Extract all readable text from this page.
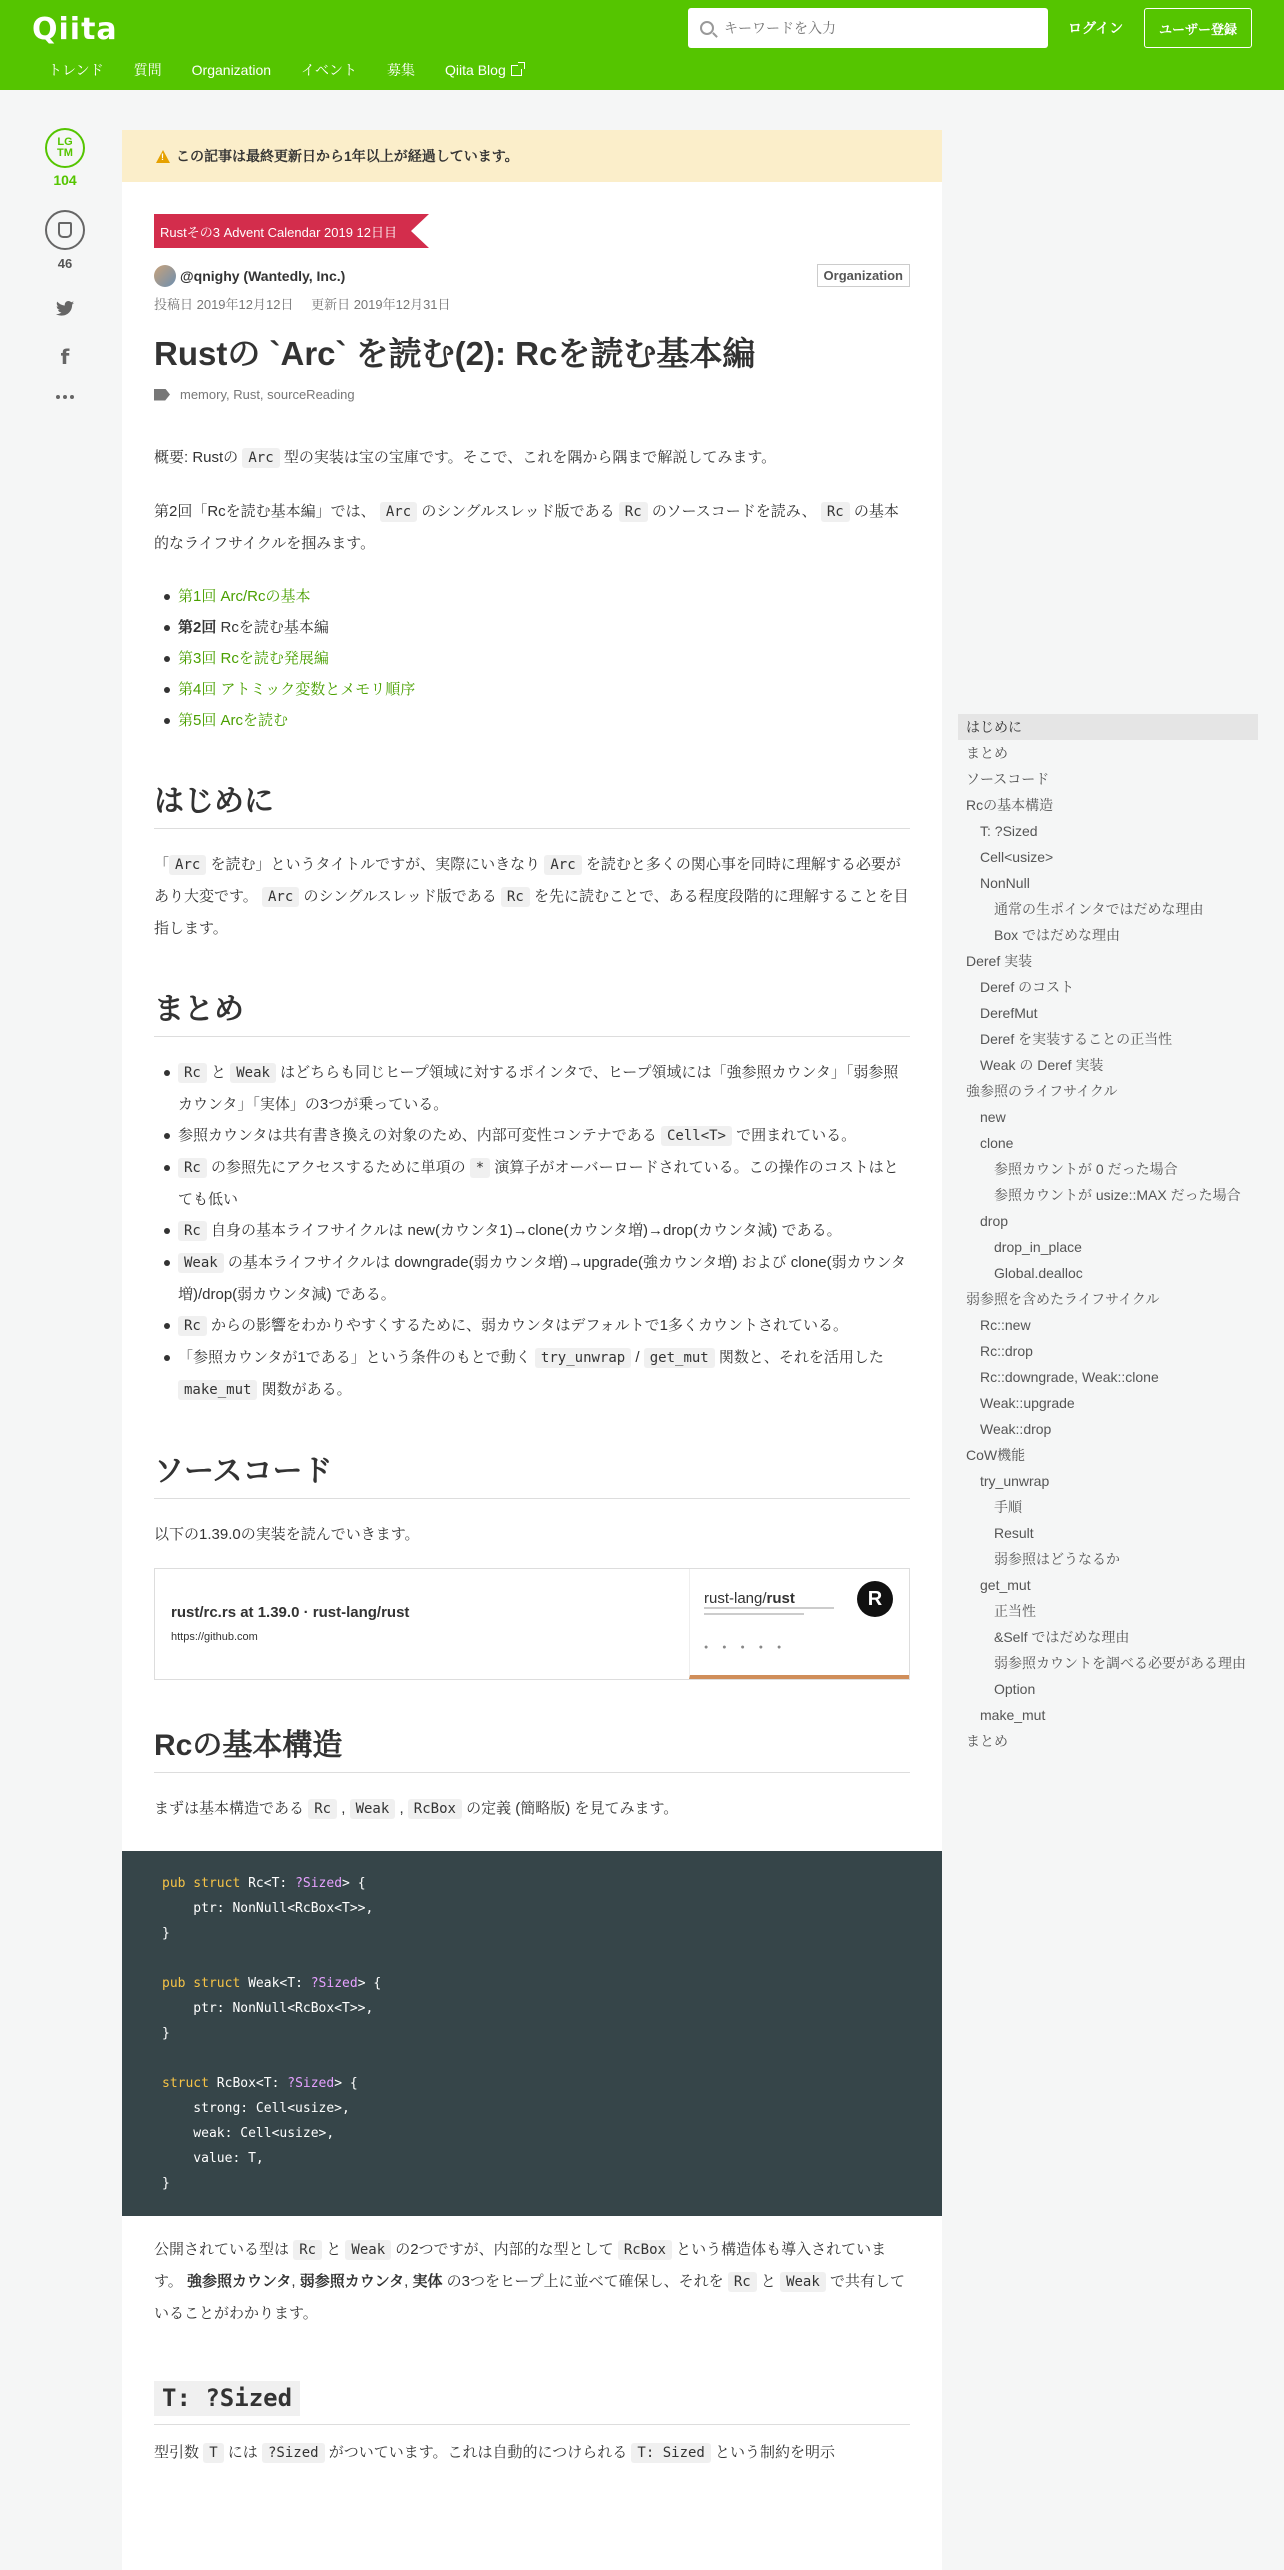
Qiita
キーワードを入力	ログイン	ユーザー登録
トレンド 質問 Organization イベント 募集 Qiita Blog
LG
TM
104
46
f
!
この記事は最終更新日から1年以上が経過しています。
Rustその3 Advent Calendar 2019 12日目
@qnighy (Wantedly, Inc.)	Organization
投稿日 2019年12月12日 更新日 2019年12月31日
Rustの `Arc` を読む(2): Rcを読む基本編
memory, Rust, sourceReading

概要: Rustの Arc 型の実装は宝の宝庫です。そこで、これを隅から隅まで解説してみます。

第2回「Rcを読む基本編」では、 Arc のシングルスレッド版である Rc のソースコードを読み、 Rc の基本的なライフサイクルを掴みます。

第1回 Arc/Rcの基本
第2回 Rcを読む基本編
第3回 Rcを読む発展編
第4回 アトミック変数とメモリ順序
第5回 Arcを読む
はじめに

「 Arc を読む」というタイトルですが、実際にいきなり Arc を読むと多くの関心事を同時に理解する必要があり大変です。 Arc のシングルスレッド版である Rc を先に読むことで、ある程度段階的に理解することを目指します。

まとめ
Rc と Weak はどちらも同じヒープ領域に対するポインタで、ヒープ領域には「強参照カウンタ」「弱参照カウンタ」「実体」の3つが乗っている。
参照カウンタは共有書き換えの対象のため、内部可変性コンテナである Cell<T> で囲まれている。
Rc の参照先にアクセスするために単項の * 演算子がオーバーロードされている。この操作のコストはとても低い
Rc 自身の基本ライフサイクルは new(カウンタ1)→clone(カウンタ増)→drop(カウンタ減) である。
Weak の基本ライフサイクルは downgrade(弱カウンタ増)→upgrade(強カウンタ増) および clone(弱カウンタ増)/drop(弱カウンタ減) である。
Rc からの影響をわかりやすくするために、弱カウンタはデフォルトで1多くカウントされている。
「参照カウンタが1である」という条件のもとで動く try_unwrap / get_mut 関数と、それを活用した make_mut 関数がある。
ソースコード

以下の1.39.0の実装を読んでいきます。

rust/rc.rs at 1.39.0 · rust-lang/rust
https://github.com
rust-lang/rust	R
● ● ● ● ●
Rcの基本構造

まずは基本構造である Rc , Weak , RcBox の定義 (簡略版) を見てみます。

pub struct Rc<T: ?Sized> {
ptr: NonNull<RcBox<T>>,
}

pub struct Weak<T: ?Sized> {
ptr: NonNull<RcBox<T>>,
}

struct RcBox<T: ?Sized> {
strong: Cell<usize>,
weak: Cell<usize>,
value: T,
}

公開されている型は Rc と Weak の2つですが、内部的な型として RcBox という構造体も導入されています。 強参照カウンタ, 弱参照カウンタ, 実体 の3つをヒープ上に並べて確保し、それを Rc と Weak で共有していることがわかります。

T: ?Sized

型引数 T には ?Sized がついています。これは自動的につけられる T: Sized という制約を明示

はじめに
まとめ
ソースコード
Rcの基本構造
T: ?Sized
Cell<usize>
NonNull
通常の生ポインタではだめな理由
Box ではだめな理由
Deref 実装
Deref のコスト
DerefMut
Deref を実装することの正当性
Weak の Deref 実装
強参照のライフサイクル
new
clone
参照カウントが 0 だった場合
参照カウントが usize::MAX だった場合
drop
drop_in_place
Global.dealloc
弱参照を含めたライフサイクル
Rc::new
Rc::drop
Rc::downgrade, Weak::clone
Weak::upgrade
Weak::drop
CoW機能
try_unwrap
手順
Result
弱参照はどうなるか
get_mut
正当性
&Self ではだめな理由
弱参照カウントを調べる必要がある理由
Option
make_mut
まとめ
